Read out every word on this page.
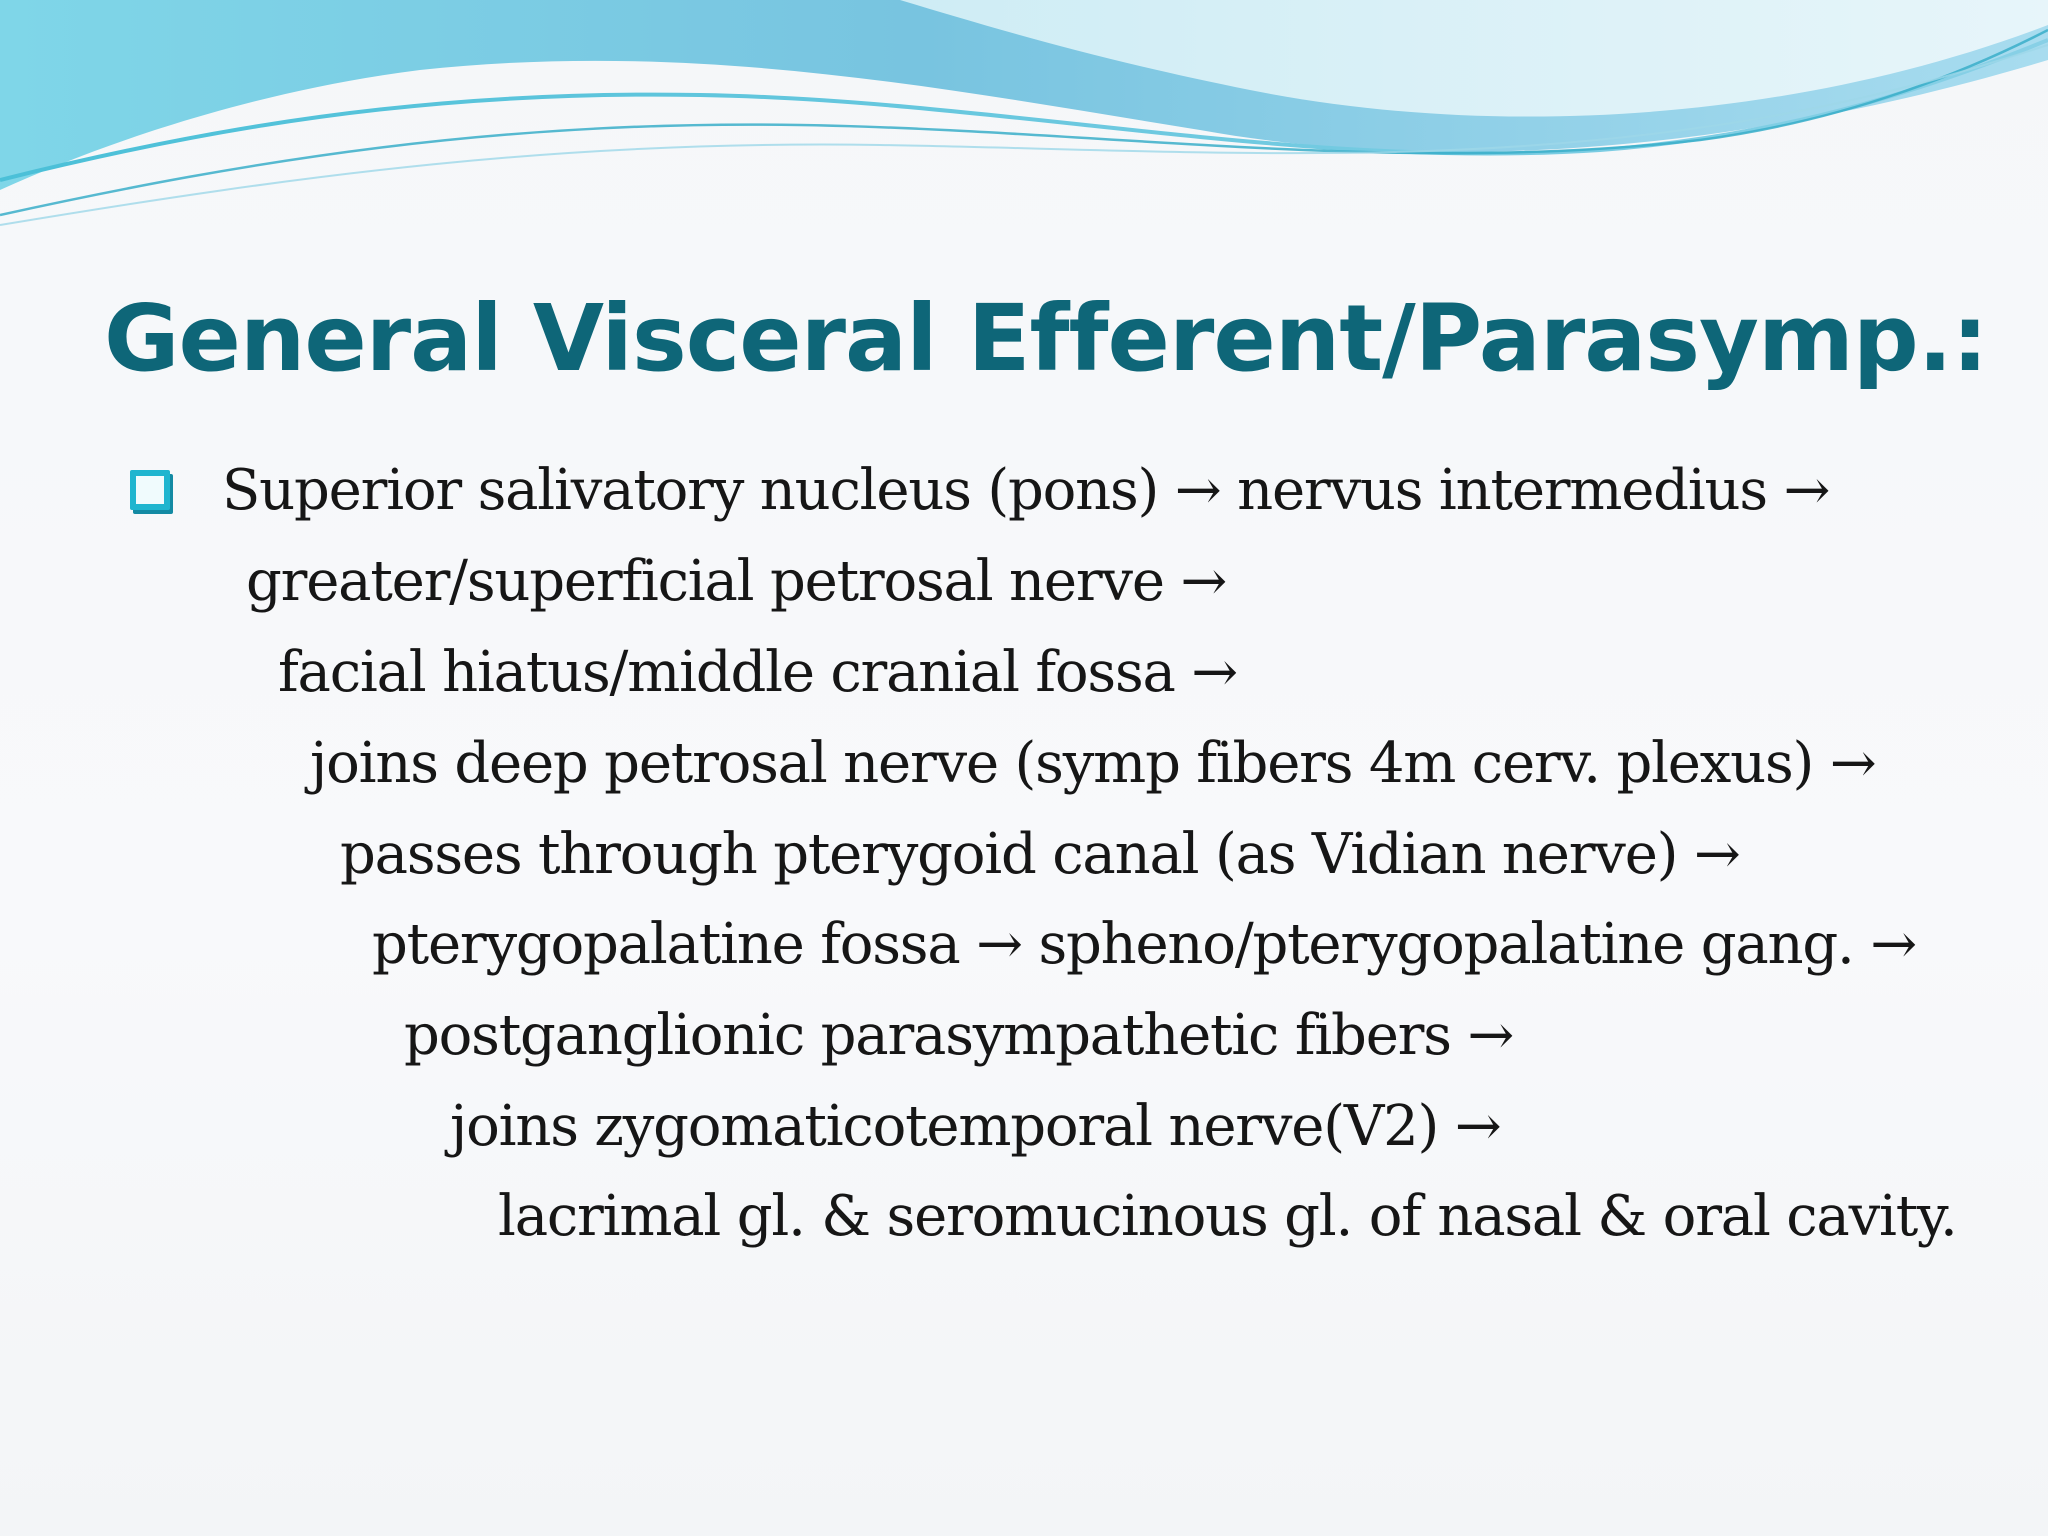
General Visceral Efferent/Parasymp.:

Superior salivatory nucleus (pons) → nervus intermedius →

greater/superficial petrosal nerve →

facial hiatus/middle cranial fossa →

joins deep petrosal nerve (symp fibers 4m cerv. plexus) →

passes through pterygoid canal (as Vidian nerve) →

pterygopalatine fossa → spheno/pterygopalatine gang. →

postganglionic parasympathetic fibers →

joins zygomaticotemporal nerve(V2) →

lacrimal gl. & seromucinous gl. of nasal & oral cavity.
